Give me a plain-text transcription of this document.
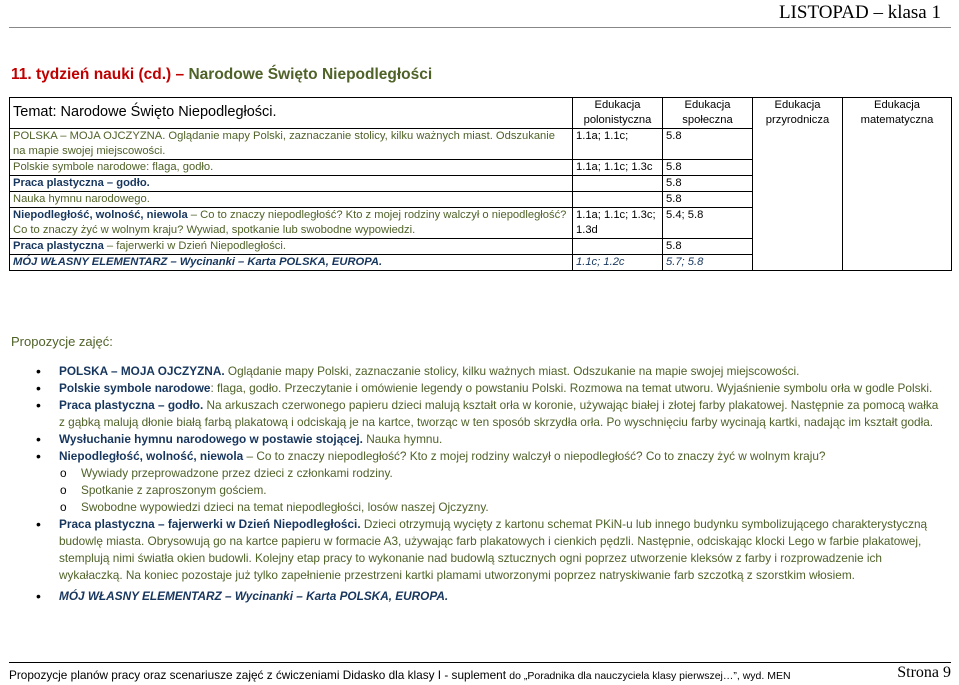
LISTOPAD – klasa 1
11. tydzień nauki (cd.) – Narodowe Święto Niepodległości
Temat: Narodowe Święto Niepodległości.	Edukacja polonistyczna	Edukacja społeczna	Edukacja przyrodnicza	Edukacja matematyczna
POLSKA – MOJA OJCZYZNA. Oglądanie mapy Polski, zaznaczanie stolicy, kilku ważnych miast. Odszukanie na mapie swojej miejscowości.	1.1a; 1.1c;	5.8		
Polskie symbole narodowe: flaga, godło.	1.1a; 1.1c; 1.3c	5.8		
Praca plastyczna – godło.		5.8		
Nauka hymnu narodowego.		5.8		
Niepodległość, wolność, niewola – Co to znaczy niepodległość? Kto z mojej rodziny walczył o niepodległość? Co to znaczy żyć w wolnym kraju? Wywiad, spotkanie lub swobodne wypowiedzi.	1.1a; 1.1c; 1.3c; 1.3d	5.4; 5.8		
Praca plastyczna – fajerwerki w Dzień Niepodległości.		5.8		
MÓJ WŁASNY ELEMENTARZ – Wycinanki – Karta POLSKA, EUROPA.	1.1c; 1.2c	5.7; 5.8		
Propozycje zajęć:
• POLSKA – MOJA OJCZYZNA. Oglądanie mapy Polski, zaznaczanie stolicy, kilku ważnych miast. Odszukanie na mapie swojej miejscowości.
• Polskie symbole narodowe: flaga, godło. Przeczytanie i omówienie legendy o powstaniu Polski. Rozmowa na temat utworu. Wyjaśnienie symbolu orła w godle Polski.
• Praca plastyczna – godło. Na arkuszach czerwonego papieru dzieci malują kształt orła w koronie, używając białej i złotej farby plakatowej. Następnie za pomocą wałka z gąbką malują dłonie białą farbą plakatową i odciskają je na kartce, tworząc w ten sposób skrzydła orła. Po wyschnięciu farby wycinają kartki, nadając im kształt godła.
• Wysłuchanie hymnu narodowego w postawie stojącej. Nauka hymnu.
• Niepodległość, wolność, niewola – Co to znaczy niepodległość? Kto z mojej rodziny walczył o niepodległość? Co to znaczy żyć w wolnym kraju?
o Wywiady przeprowadzone przez dzieci z członkami rodziny.
o Spotkanie z zaproszonym gościem.
o Swobodne wypowiedzi dzieci na temat niepodległości, losów naszej Ojczyzny.
• Praca plastyczna – fajerwerki w Dzień Niepodległości. Dzieci otrzymują wycięty z kartonu schemat PKiN-u lub innego budynku symbolizującego charakterystyczną budowlę miasta. Obrysowują go na kartce papieru w formacie A3, używając farb plakatowych i cienkich pędzli. Następnie, odciskając klocki Lego w farbie plakatowej, stemplują nimi światła okien budowli. Kolejny etap pracy to wykonanie nad budowlą sztucznych ogni poprzez utworzenie kleksów z farby i rozprowadzenie ich wykałaczką. Na koniec pozostaje już tylko zapełnienie przestrzeni kartki plamami utworzonymi poprzez natryskiwanie farb szczotką z szorstkim włosiem.
• MÓJ WŁASNY ELEMENTARZ – Wycinanki – Karta POLSKA, EUROPA.
Propozycje planów pracy oraz scenariusze zajęć z ćwiczeniami Didasko dla klasy I - suplement do „Poradnika dla nauczyciela klasy pierwszej…”, wyd. MEN	Strona 9
